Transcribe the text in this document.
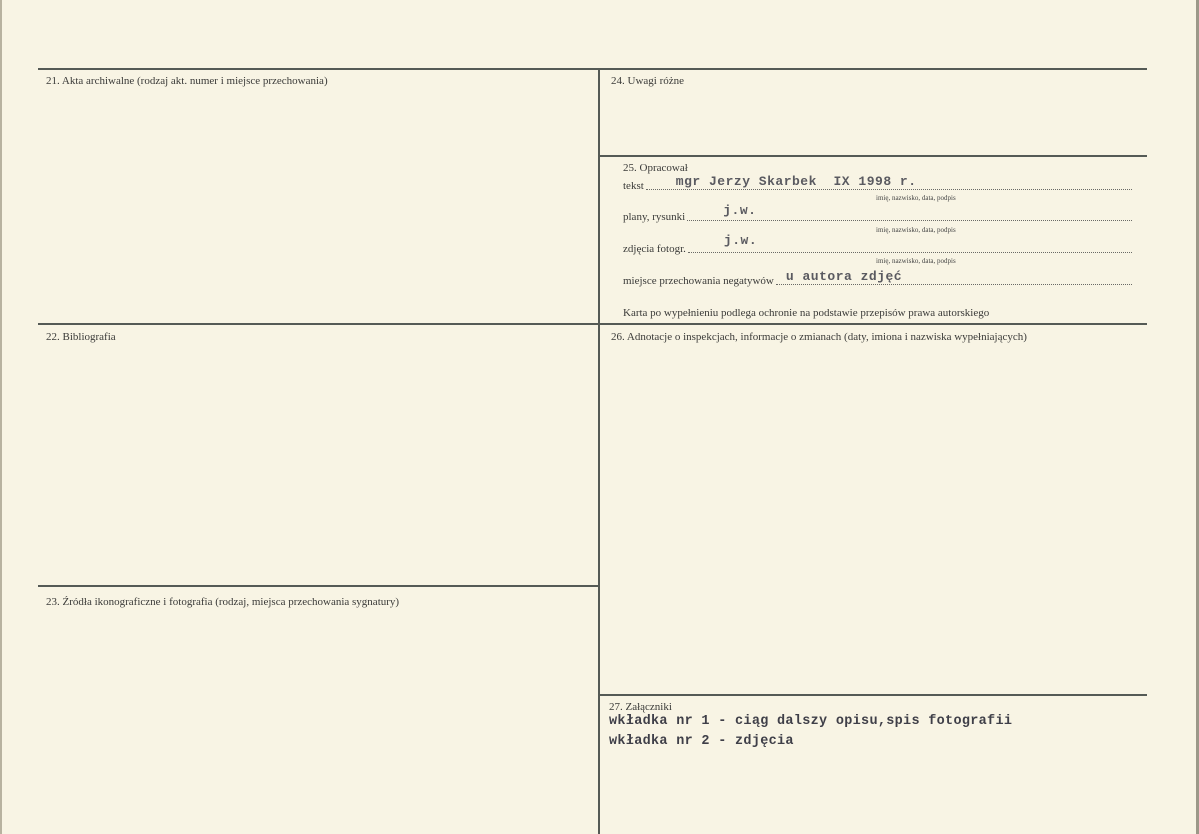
21. Akta archiwalne (rodzaj akt. numer i miejsce przechowania)
22. Bibliografia
23. Źródła ikonograficzne i fotografia (rodzaj, miejsca przechowania sygnatury)
24. Uwagi różne
25. Opracował
tekst mgr Jerzy Skarbek  IX 1998 r.
imię, nazwisko, data, podpis
plany, rysunki	j.w.
imię, nazwisko, data, podpis
zdjęcia fotogr.
j.w.
imię, nazwisko, data, podpis
miejsce przechowania negatywów u autora zdjęć
Karta po wypełnieniu podlega ochronie na podstawie przepisów prawa autorskiego
26. Adnotacje o inspekcjach, informacje o zmianach (daty, imiona i nazwiska wypełniających)
27. Załączniki
wkładka nr 1 - ciąg dalszy opisu,spis fotografii
wkładka nr 2 - zdjęcia
